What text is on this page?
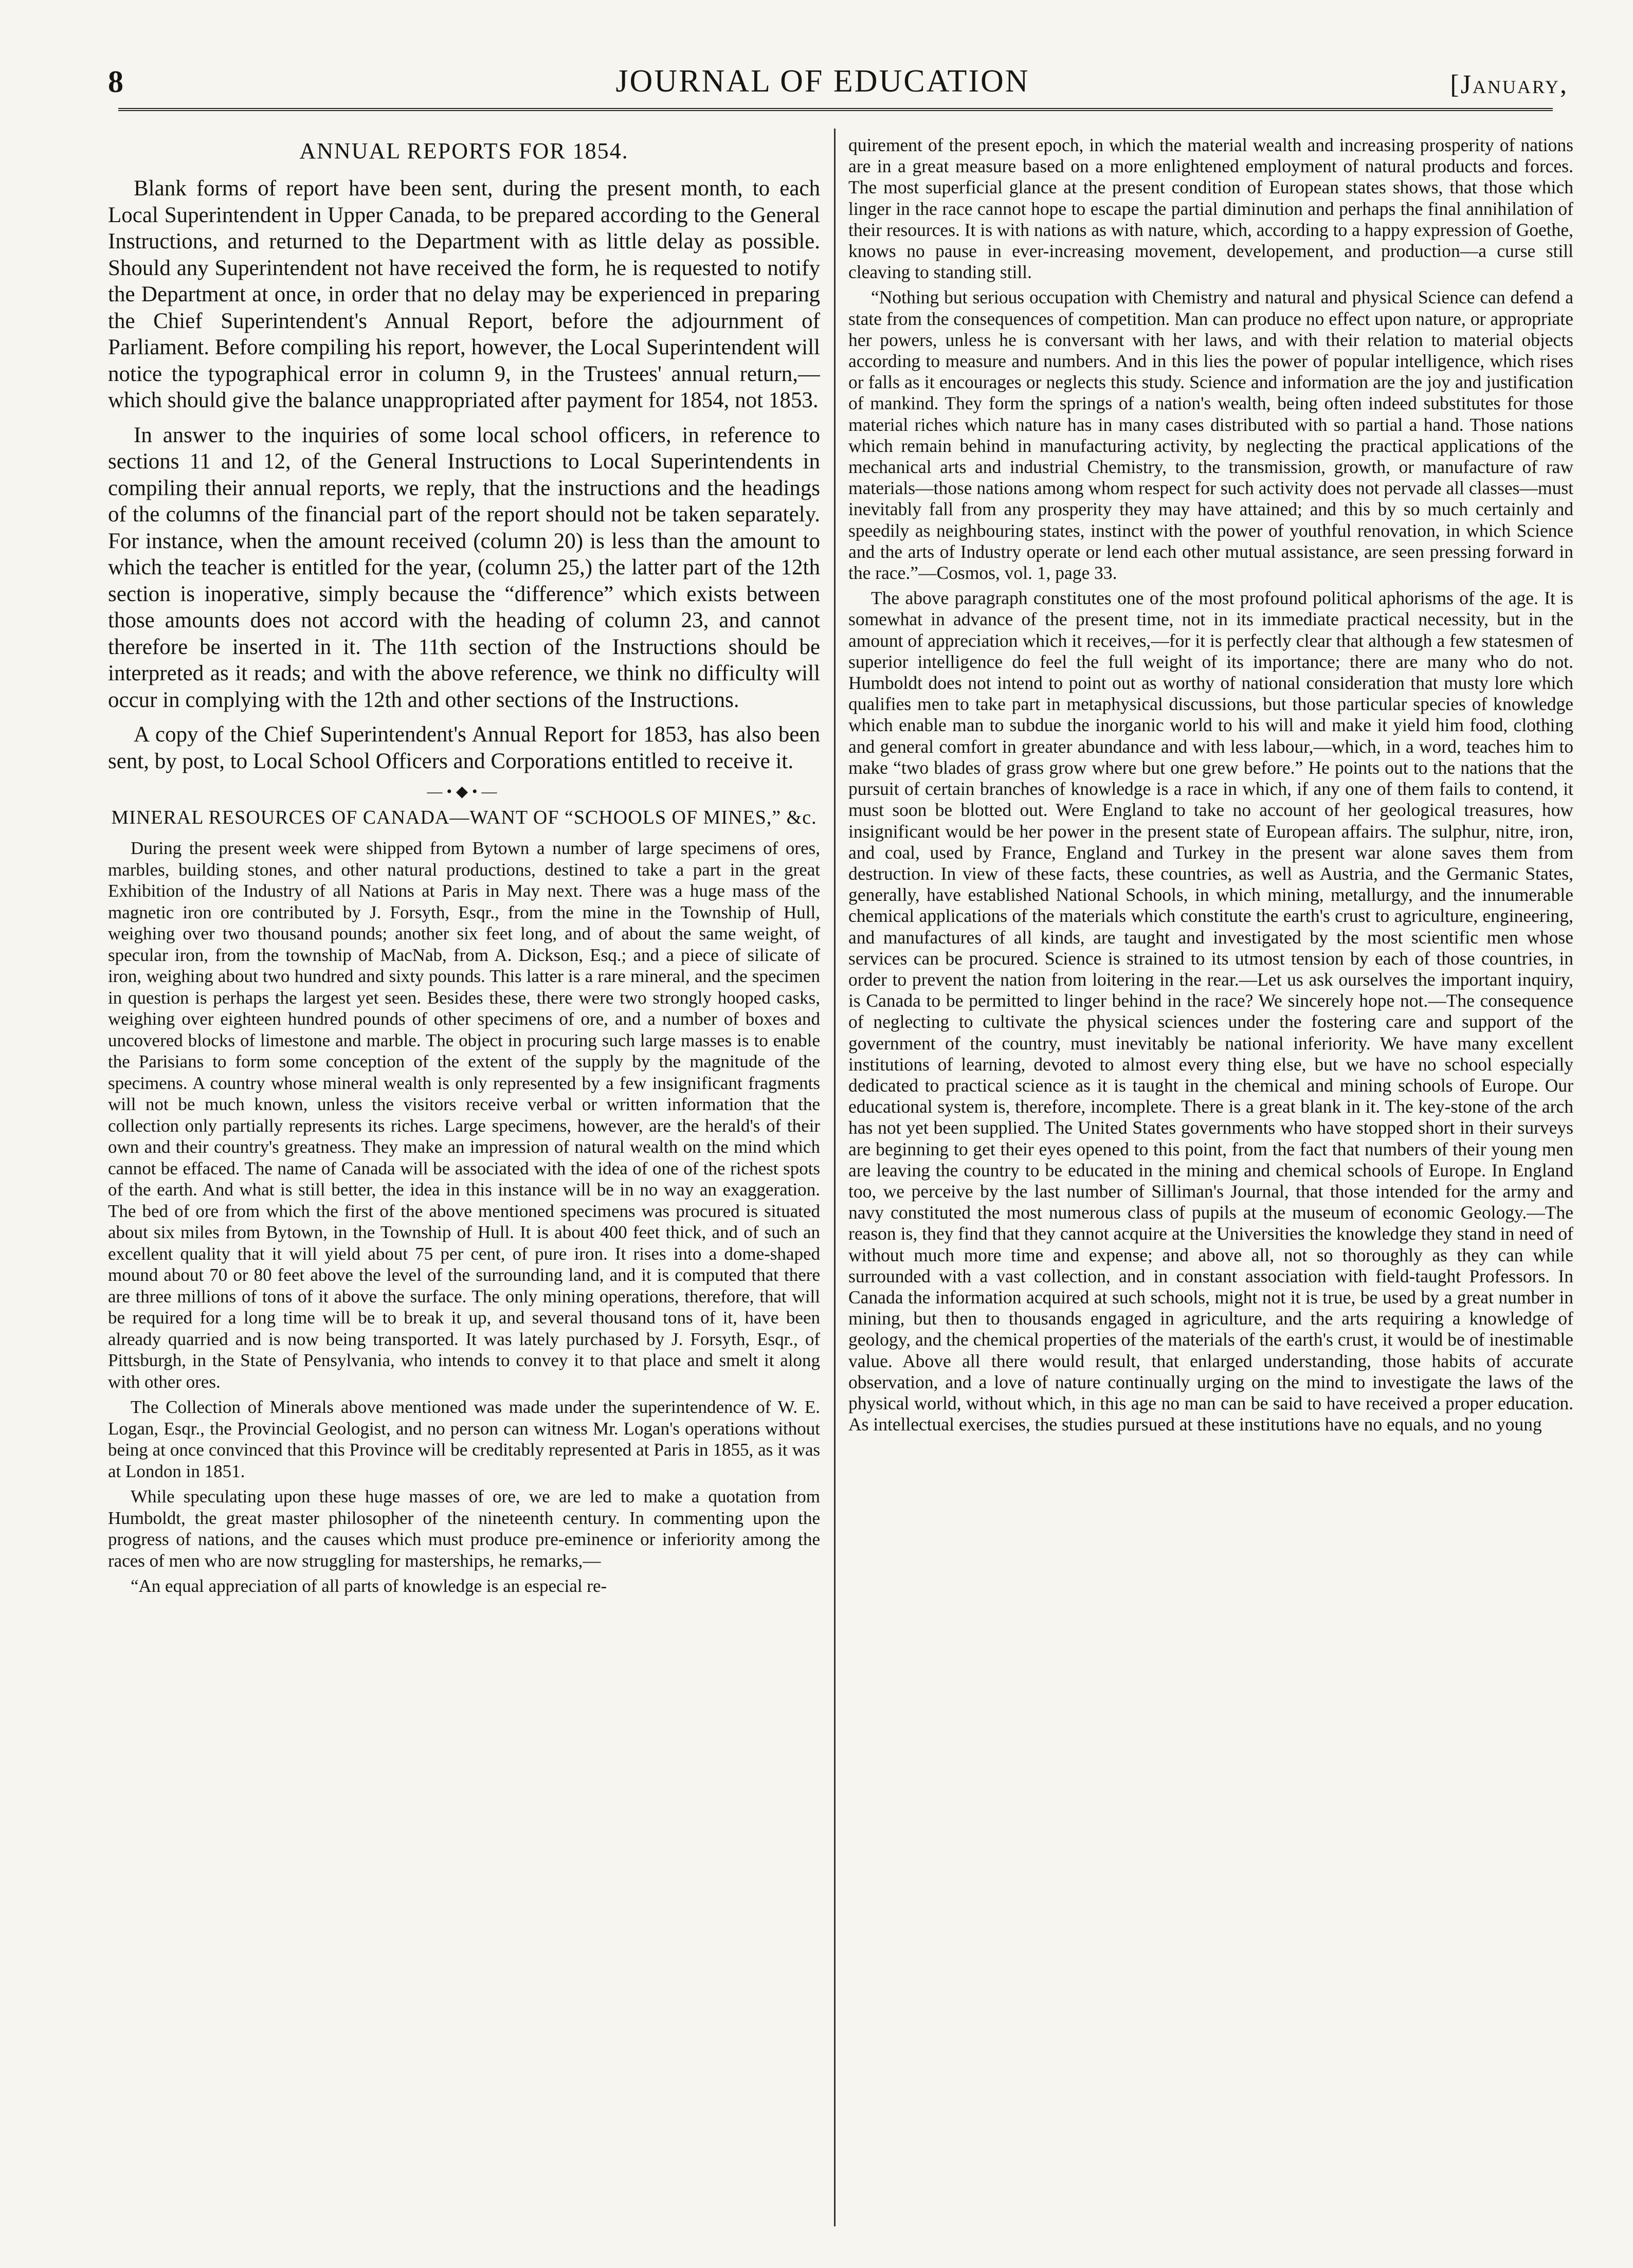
8	JOURNAL OF EDUCATION	[January,
ANNUAL REPORTS FOR 1854.

Blank forms of report have been sent, during the present month, to each Local Superintendent in Upper Canada, to be prepared according to the General Instructions, and returned to the Department with as little delay as possible. Should any Superintendent not have received the form, he is requested to notify the Department at once, in order that no delay may be experienced in preparing the Chief Superintendent's Annual Report, before the adjournment of Parliament. Before compiling his report, however, the Local Superintendent will notice the typographical error in column 9, in the Trustees' annual return,—which should give the balance unappropriated after payment for 1854, not 1853.

In answer to the inquiries of some local school officers, in reference to sections 11 and 12, of the General Instructions to Local Superintendents in compiling their annual reports, we reply, that the instructions and the headings of the columns of the financial part of the report should not be taken separately. For instance, when the amount received (column 20) is less than the amount to which the teacher is entitled for the year, (column 25,) the latter part of the 12th section is inoperative, simply because the “difference” which exists between those amounts does not accord with the heading of column 23, and cannot therefore be inserted in it. The 11th section of the Instructions should be interpreted as it reads; and with the above reference, we think no difficulty will occur in complying with the 12th and other sections of the Instructions.

A copy of the Chief Superintendent's Annual Report for 1853, has also been sent, by post, to Local School Officers and Corporations entitled to receive it.

—•◆•—
MINERAL RESOURCES OF CANADA—WANT OF “SCHOOLS OF MINES,” &c.

During the present week were shipped from Bytown a number of large specimens of ores, marbles, building stones, and other natural productions, destined to take a part in the great Exhibition of the Industry of all Nations at Paris in May next. There was a huge mass of the magnetic iron ore contributed by J. Forsyth, Esqr., from the mine in the Township of Hull, weighing over two thousand pounds; another six feet long, and of about the same weight, of specular iron, from the township of MacNab, from A. Dickson, Esq.; and a piece of silicate of iron, weighing about two hundred and sixty pounds. This latter is a rare mineral, and the specimen in question is perhaps the largest yet seen. Besides these, there were two strongly hooped casks, weighing over eighteen hundred pounds of other specimens of ore, and a number of boxes and uncovered blocks of limestone and marble. The object in procuring such large masses is to enable the Parisians to form some conception of the extent of the supply by the magnitude of the specimens. A country whose mineral wealth is only represented by a few insignificant fragments will not be much known, unless the visitors receive verbal or written information that the collection only partially represents its riches. Large specimens, however, are the herald's of their own and their country's greatness. They make an impression of natural wealth on the mind which cannot be effaced. The name of Canada will be associated with the idea of one of the richest spots of the earth. And what is still better, the idea in this instance will be in no way an exaggeration. The bed of ore from which the first of the above mentioned specimens was procured is situated about six miles from Bytown, in the Township of Hull. It is about 400 feet thick, and of such an excellent quality that it will yield about 75 per cent, of pure iron. It rises into a dome-shaped mound about 70 or 80 feet above the level of the surrounding land, and it is computed that there are three millions of tons of it above the surface. The only mining operations, therefore, that will be required for a long time will be to break it up, and several thousand tons of it, have been already quarried and is now being transported. It was lately purchased by J. Forsyth, Esqr., of Pittsburgh, in the State of Pensylvania, who intends to convey it to that place and smelt it along with other ores.

The Collection of Minerals above mentioned was made under the superintendence of W. E. Logan, Esqr., the Provincial Geologist, and no person can witness Mr. Logan's operations without being at once convinced that this Province will be creditably represented at Paris in 1855, as it was at London in 1851.

While speculating upon these huge masses of ore, we are led to make a quotation from Humboldt, the great master philosopher of the nineteenth century. In commenting upon the progress of nations, and the causes which must produce pre-eminence or inferiority among the races of men who are now struggling for masterships, he remarks,—

“An equal appreciation of all parts of knowledge is an especial re-

quirement of the present epoch, in which the material wealth and increasing prosperity of nations are in a great measure based on a more enlightened employment of natural products and forces. The most superficial glance at the present condition of European states shows, that those which linger in the race cannot hope to escape the partial diminution and perhaps the final annihilation of their resources. It is with nations as with nature, which, according to a happy expression of Goethe, knows no pause in ever-increasing movement, developement, and production—a curse still cleaving to standing still.

“Nothing but serious occupation with Chemistry and natural and physical Science can defend a state from the consequences of competition. Man can produce no effect upon nature, or appropriate her powers, unless he is conversant with her laws, and with their relation to material objects according to measure and numbers. And in this lies the power of popular intelligence, which rises or falls as it encourages or neglects this study. Science and information are the joy and justification of mankind. They form the springs of a nation's wealth, being often indeed substitutes for those material riches which nature has in many cases distributed with so partial a hand. Those nations which remain behind in manufacturing activity, by neglecting the practical applications of the mechanical arts and industrial Chemistry, to the transmission, growth, or manufacture of raw materials—those nations among whom respect for such activity does not pervade all classes—must inevitably fall from any prosperity they may have attained; and this by so much certainly and speedily as neighbouring states, instinct with the power of youthful renovation, in which Science and the arts of Industry operate or lend each other mutual assistance, are seen pressing forward in the race.”—Cosmos, vol. 1, page 33.

The above paragraph constitutes one of the most profound political aphorisms of the age. It is somewhat in advance of the present time, not in its immediate practical necessity, but in the amount of appreciation which it receives,—for it is perfectly clear that although a few statesmen of superior intelligence do feel the full weight of its importance; there are many who do not. Humboldt does not intend to point out as worthy of national consideration that musty lore which qualifies men to take part in metaphysical discussions, but those particular species of knowledge which enable man to subdue the inorganic world to his will and make it yield him food, clothing and general comfort in greater abundance and with less labour,—which, in a word, teaches him to make “two blades of grass grow where but one grew before.” He points out to the nations that the pursuit of certain branches of knowledge is a race in which, if any one of them fails to contend, it must soon be blotted out. Were England to take no account of her geological treasures, how insignificant would be her power in the present state of European affairs. The sulphur, nitre, iron, and coal, used by France, England and Turkey in the present war alone saves them from destruction. In view of these facts, these countries, as well as Austria, and the Germanic States, generally, have established National Schools, in which mining, metallurgy, and the innumerable chemical applications of the materials which constitute the earth's crust to agriculture, engineering, and manufactures of all kinds, are taught and investigated by the most scientific men whose services can be procured. Science is strained to its utmost tension by each of those countries, in order to prevent the nation from loitering in the rear.—Let us ask ourselves the important inquiry, is Canada to be permitted to linger behind in the race? We sincerely hope not.—The consequence of neglecting to cultivate the physical sciences under the fostering care and support of the government of the country, must inevitably be national inferiority. We have many excellent institutions of learning, devoted to almost every thing else, but we have no school especially dedicated to practical science as it is taught in the chemical and mining schools of Europe. Our educational system is, therefore, incomplete. There is a great blank in it. The key-stone of the arch has not yet been supplied. The United States governments who have stopped short in their surveys are beginning to get their eyes opened to this point, from the fact that numbers of their young men are leaving the country to be educated in the mining and chemical schools of Europe. In England too, we perceive by the last number of Silliman's Journal, that those intended for the army and navy constituted the most numerous class of pupils at the museum of economic Geology.—The reason is, they find that they cannot acquire at the Universities the knowledge they stand in need of without much more time and expense; and above all, not so thoroughly as they can while surrounded with a vast collection, and in constant association with field-taught Professors. In Canada the information acquired at such schools, might not it is true, be used by a great number in mining, but then to thousands engaged in agriculture, and the arts requiring a knowledge of geology, and the chemical properties of the materials of the earth's crust, it would be of inestimable value. Above all there would result, that enlarged understanding, those habits of accurate observation, and a love of nature continually urging on the mind to investigate the laws of the physical world, without which, in this age no man can be said to have received a proper education. As intellectual exercises, the studies pursued at these institutions have no equals, and no young
